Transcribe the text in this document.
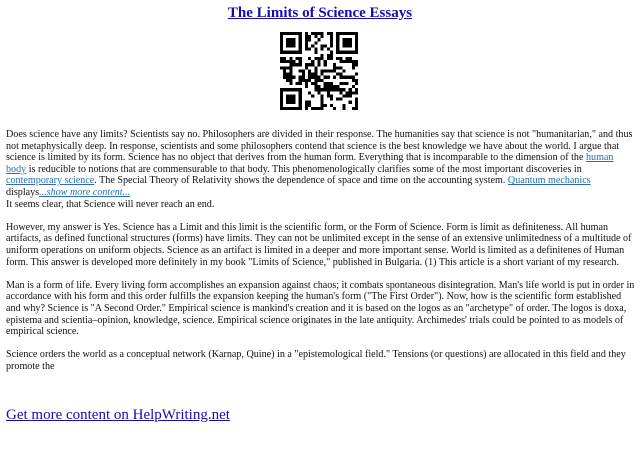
The Limits of Science Essays

Does science have any limits? Scientists say no. Philosophers are divided in their response. The humanities say that science is not "humanitarian," and thus not metaphysically deep. In response, scientists and some philosophers contend that science is the best knowledge we have about the world. I argue that science is limited by its form. Science has no object that derives from the human form. Everything that is incomparable to the dimension of the human body is reducible to notions that are commensurable to that body. This phenomenologically clarifies some of the most important discoveries in contemporary science. The Special Theory of Relativity shows the dependence of space and time on the accounting system. Quantum mechanics displays...show more content...
It seems clear, that Science will never reach an end.

However, my answer is Yes. Science has a Limit and this limit is the scientific form, or the Form of Science. Form is limit as definiteness. All human artifacts, as defined functional structures (forms) have limits. They can not be unlimited except in the sense of an extensive unlimitedness of a multitude of uniform operations on uniform objects. Science as an artifact is limited in a deeper and more important sense. World is limited as a definitenes of Human form. This answer is developed more definitely in my book "Limits of Science," published in Bulgaria. (1) This article is a short variant of my research.

Man is a form of life. Every living form accomplishes an expansion against chaos; it combats spontaneous disintegration. Man's life world is put in order in accordance with his form and this order fulfills the expansion keeping the human's form ("The First Order"). Now, how is the scientific form established and why? Science is "A Second Order." Empirical science is mankind's creation and it is based on the logos as an "archetype" of order. The logos is doxa, epistema and scientia–opinion, knowledge, science. Empirical science originates in the late antiquity. Archimedes' trials could be pointed to as models of empirical science.

Science orders the world as a conceptual network (Karnap, Quine) in a "epistemological field." Tensions (or questions) are allocated in this field and they promote the

Get more content on HelpWriting.net
